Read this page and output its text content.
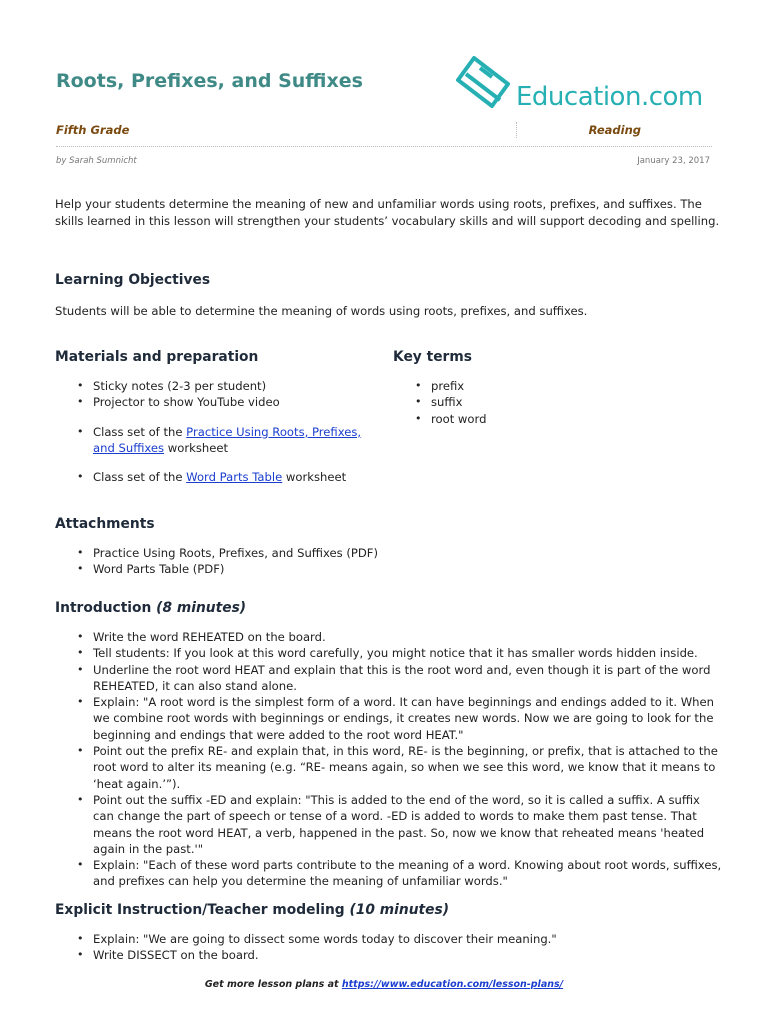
Roots, Prefixes, and Suffixes
Education.com
Fifth Grade	Reading
by Sarah Sumnicht	January 23, 2017
Help your students determine the meaning of new and unfamiliar words using roots, prefixes, and suffixes. The skills learned in this lesson will strengthen your students’ vocabulary skills and will support decoding and spelling.
Learning Objectives
Students will be able to determine the meaning of words using roots, prefixes, and suffixes.
Materials and preparation
• Sticky notes (2-3 per student)
• Projector to show YouTube video
• Class set of the Practice Using Roots, Prefixes, and Suffixes worksheet
• Class set of the Word Parts Table worksheet
Key terms
• prefix
• suffix
• root word
Attachments
• Practice Using Roots, Prefixes, and Suffixes (PDF)
• Word Parts Table (PDF)
Introduction (8 minutes)
• Write the word REHEATED on the board.
• Tell students: If you look at this word carefully, you might notice that it has smaller words hidden inside.
• Underline the root word HEAT and explain that this is the root word and, even though it is part of the word REHEATED, it can also stand alone.
• Explain: "A root word is the simplest form of a word. It can have beginnings and endings added to it. When we combine root words with beginnings or endings, it creates new words. Now we are going to look for the beginning and endings that were added to the root word HEAT."
• Point out the prefix RE- and explain that, in this word, RE- is the beginning, or prefix, that is attached to the root word to alter its meaning (e.g. “RE- means again, so when we see this word, we know that it means to ‘heat again.’”).
• Point out the suffix -ED and explain: "This is added to the end of the word, so it is called a suffix. A suffix can change the part of speech or tense of a word. -ED is added to words to make them past tense. That means the root word HEAT, a verb, happened in the past. So, now we know that reheated means 'heated again in the past.'"
• Explain: "Each of these word parts contribute to the meaning of a word. Knowing about root words, suffixes, and prefixes can help you determine the meaning of unfamiliar words."
Explicit Instruction/Teacher modeling (10 minutes)
• Explain: "We are going to dissect some words today to discover their meaning."
• Write DISSECT on the board.
Get more lesson plans at https://www.education.com/lesson-plans/
